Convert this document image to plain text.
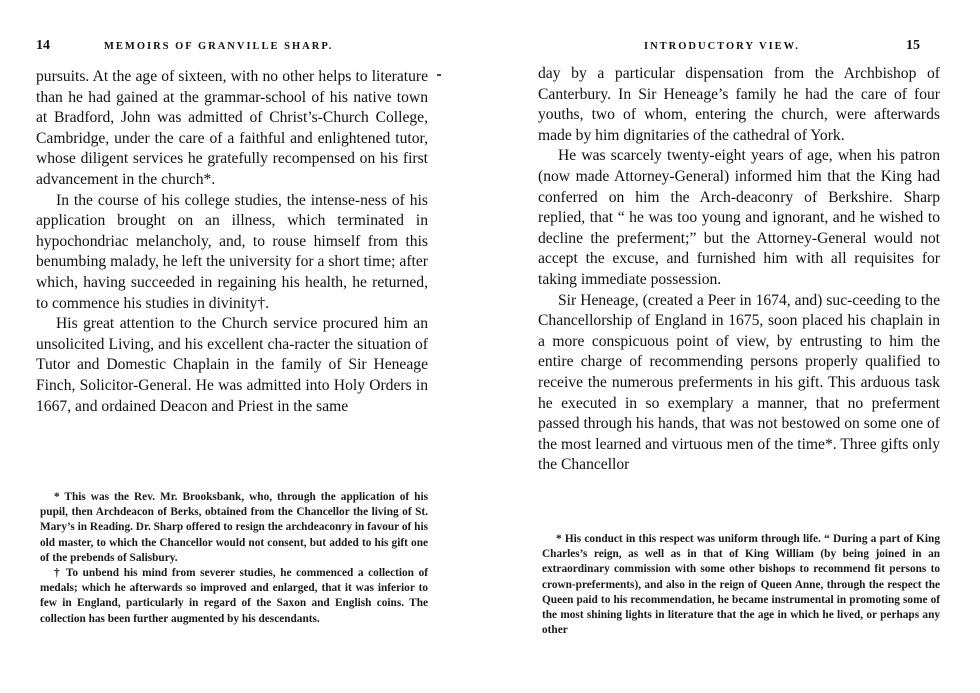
14	MEMOIRS OF GRANVILLE SHARP.

pursuits. At the age of sixteen, with no other helps to literature than he had gained at the grammar-school of his native town at Bradford, John was admitted of Christ’s-Church College, Cambridge, under the care of a faithful and enlightened tutor, whose diligent services he gratefully recompensed on his first advancement in the church*.

In the course of his college studies, the intense-ness of his application brought on an illness, which terminated in hypochondriac melancholy, and, to rouse himself from this benumbing malady, he left the university for a short time; after which, having succeeded in regaining his health, he returned, to commence his studies in divinity†.

His great attention to the Church service procured him an unsolicited Living, and his excellent cha-racter the situation of Tutor and Domestic Chaplain in the family of Sir Heneage Finch, Solicitor-General. He was admitted into Holy Orders in 1667, and ordained Deacon and Priest in the same

* This was the Rev. Mr. Brooksbank, who, through the application of his pupil, then Archdeacon of Berks, obtained from the Chancellor the living of St. Mary’s in Reading. Dr. Sharp offered to resign the archdeaconry in favour of his old master, to which the Chancellor would not consent, but added to his gift one of the prebends of Salisbury.

† To unbend his mind from severer studies, he commenced a collection of medals; which he afterwards so improved and enlarged, that it was inferior to few in England, particularly in regard of the Saxon and English coins. The collection has been further augmented by his descendants.

INTRODUCTORY VIEW.	15

day by a particular dispensation from the Archbishop of Canterbury. In Sir Heneage’s family he had the care of four youths, two of whom, entering the church, were afterwards made by him dignitaries of the cathedral of York.

He was scarcely twenty-eight years of age, when his patron (now made Attorney-General) informed him that the King had conferred on him the Arch-deaconry of Berkshire. Sharp replied, that “ he was too young and ignorant, and he wished to decline the preferment;” but the Attorney-General would not accept the excuse, and furnished him with all requisites for taking immediate possession.

Sir Heneage, (created a Peer in 1674, and) suc-ceeding to the Chancellorship of England in 1675, soon placed his chaplain in a more conspicuous point of view, by entrusting to him the entire charge of recommending persons properly qualified to receive the numerous preferments in his gift. This arduous task he executed in so exemplary a manner, that no preferment passed through his hands, that was not bestowed on some one of the most learned and virtuous men of the time*. Three gifts only the Chancellor

* His conduct in this respect was uniform through life. “ During a part of King Charles’s reign, as well as in that of King William (by being joined in an extraordinary commission with some other bishops to recommend fit persons to crown-preferments), and also in the reign of Queen Anne, through the respect the Queen paid to his recommendation, he became instrumental in promoting some of the most shining lights in literature that the age in which he lived, or perhaps any other
